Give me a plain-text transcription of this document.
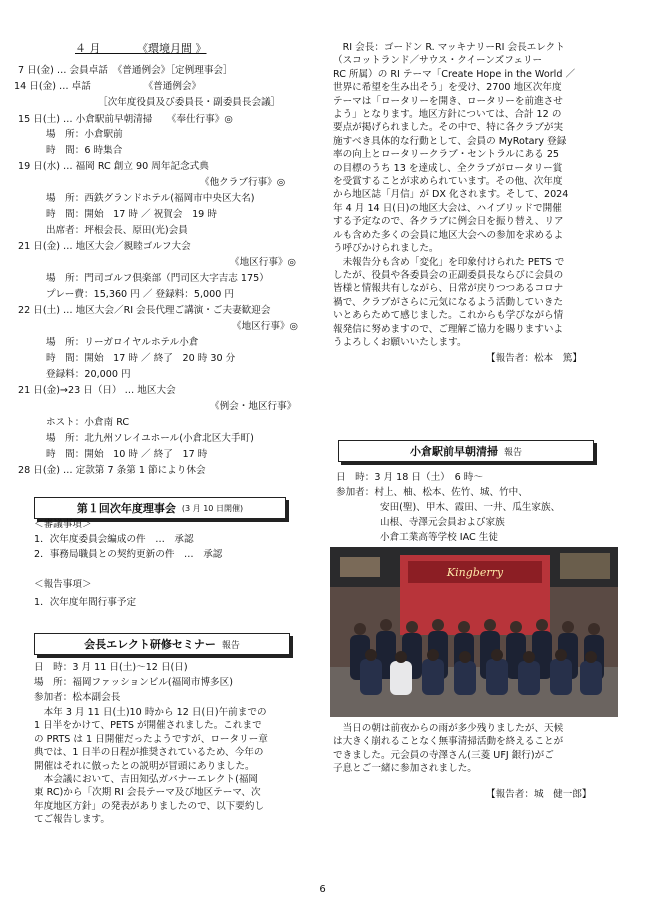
４ 月　　　 《環境月間 》
7 日(金) … 会員卓話　《普通例会》［定例理事会］
14 日(金) … 卓話　　　　　　《普通例会》
［次年度役員及び委員長・副委員長会議］
15 日(土) … 小倉駅前早朝清掃　　《奉仕行事》◎
場　所：小倉駅前
時　間：6 時集合
19 日(水) … 福岡 RC 創立 90 周年記念式典
《他クラブ行事》◎
場　所：西鉄グランドホテル(福岡市中央区大名)
時　間：開始　17 時 ／ 祝賀会　19 時
出席者：坪根会長、原田(光)会員
21 日(金) … 地区大会／親睦ゴルフ大会
《地区行事》◎
場　所：門司ゴルフ倶楽部（門司区大字吉志 175）
プレー費：15,360 円 ／ 登録料：5,000 円
22 日(土) … 地区大会／RI 会長代理ご講演・ご夫妻歓迎会
《地区行事》◎
場　所：リーガロイヤルホテル小倉
時　間：開始　17 時 ／ 終了　20 時 30 分
登録料：20,000 円
21 日(金)→23 日（日） … 地区大会
《例会・地区行事》
ホスト：小倉南 RC
場　所：北九州ソレイユホール(小倉北区大手町)
時　間：開始　10 時 ／ 終了　17 時
28 日(金) … 定款第 7 条第 1 節により休会
第１回次年度理事会 (3 月 10 日開催)
＜審議事項＞
1．次年度委員会編成の件　…　承認
2．事務局職員との契約更新の件　…　承認
＜報告事項＞
1．次年度年間行事予定
会長エレクト研修セミナー 報告
日　時：3 月 11 日(土)～12 日(日)
場　所：福岡ファッションビル(福岡市博多区)
参加者：松本副会長

　本年 3 月 11 日(土)10 時から 12 日(日)午前までの

1 日半をかけて、PETS が開催されました。これまで

の PRTS は 1 日開催だったようですが、ロータリー章

典では、1 日半の日程が推奨されているため、今年の

開催はそれに倣ったとの説明が冒頭にありました。

　本会議において、吉田知弘ガバナーエレクト(福岡

東 RC)から「次期 RI 会長テーマ及び地区テーマ、次

年度地区方針」の発表がありましたので、以下要約し

てご報告します。

　RI 会長：ゴードン R. マッキナリーRI 会長エレクト

（スコットランド／サウス・クイーンズフェリー

RC 所属）の RI テーマ「Create Hope in the World ／

世界に希望を生み出そう」を受け、2700 地区次年度

テーマは「ロータリーを開き、ロータリーを前進させ

よう」となります。地区方針については、合計 12 の

要点が掲げられました。その中で、特に各クラブが実

施すべき具体的な行動として、会員の MyRotary 登録

率の向上とロータリークラブ・セントラルにある 25

の目標のうち 13 を達成し、全クラブがロータリー賞

を受賞することが求められています。その他、次年度

から地区誌「月信」が DX 化されます。そして、2024

年 4 月 14 日(日)の地区大会は、ハイブリッドで開催

する予定なので、各クラブに例会日を振り替え、リア

ルも含めた多くの会員に地区大会への参加を求めるよ

う呼びかけられました。

　未報告分も含め「変化」を印象付けられた PETS で

したが、役員や各委員会の正副委員長ならびに会員の

皆様と情報共有しながら、日常が戻りつつあるコロナ

禍で、クラブがさらに元気になるよう活動していきた

いとあらためて感じました。これからも学びながら情

報発信に努めますので、ご理解ご協力を賜りますいよ

うよろしくお願いいたします。

【報告者：松本　篤】
小倉駅前早朝清掃 報告
日　時：3 月 18 日（土）　6 時～
参加者：村上、柚、松本、佐竹、城、竹中、
安田(聖)、甲木、霞田、一井、瓜生家族、
山根、寺澤元会員および家族
小倉工業高等学校 IAC 生徒
Kingberry

　当日の朝は前夜からの雨が多少残りましたが、天候

は大きく崩れることなく無事清掃活動を終えることが

できました。元会員の寺澤さん(三菱 UFJ 銀行)がご

子息とご一緒に参加されました。

【報告者：城　健一郎】
6
